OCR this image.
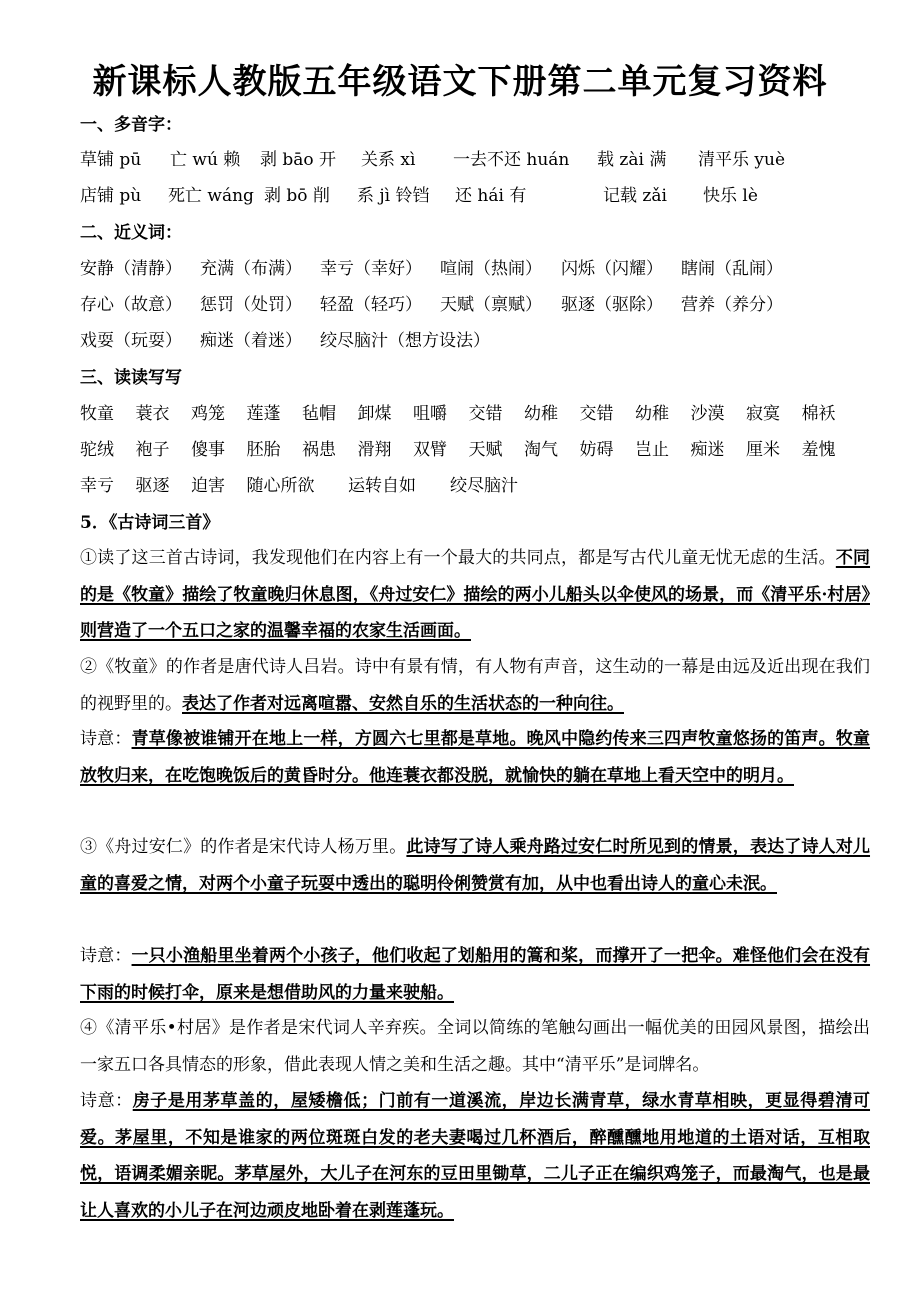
新课标人教版五年级语文下册第二单元复习资料
一、多音字：
草铺 pū 亡 wú 赖 剥 bāo 开 关系 xì 一去不还 huán 载 zài 满 清平乐 yuè
店铺 pù 死亡 wáng 剥 bō 削 系 jì 铃铛 还 hái 有	记载 zǎi 快乐 lè
二、近义词：
安静（清静） 充满（布满） 幸亏（幸好） 喧闹（热闹） 闪烁（闪耀） 瞎闹（乱闹）
存心（故意） 惩罚（处罚） 轻盈（轻巧） 天赋（禀赋） 驱逐（驱除） 营养（养分）
戏耍（玩耍） 痴迷（着迷） 绞尽脑汁（想方设法）
三、读读写写
牧童 蓑衣 鸡笼 莲蓬 毡帽 卸煤 咀嚼 交错 幼稚 交错 幼稚 沙漠 寂寞 棉袄
驼绒 袍子 傻事 胚胎 祸患 滑翔 双臂 天赋 淘气 妨碍 岂止 痴迷 厘米 羞愧
幸亏 驱逐 迫害 随心所欲 运转自如 绞尽脑汁
5．《古诗词三首》
①读了这三首古诗词，我发现他们在内容上有一个最大的共同点，都是写古代儿童无忧无虑的生活。不同的是《牧童》描绘了牧童晚归休息图，《舟过安仁》描绘的两小儿船头以伞使风的场景，而《清平乐·村居》则营造了一个五口之家的温馨幸福的农家生活画面。
②《牧童》的作者是唐代诗人吕岩。诗中有景有情，有人物有声音，这生动的一幕是由远及近出现在我们的视野里的。表达了作者对远离喧嚣、安然自乐的生活状态的一种向往。
诗意：青草像被谁铺开在地上一样，方圆六七里都是草地。晚风中隐约传来三四声牧童悠扬的笛声。牧童放牧归来，在吃饱晚饭后的黄昏时分。他连蓑衣都没脱，就愉快的躺在草地上看天空中的明月。
③《舟过安仁》的作者是宋代诗人杨万里。此诗写了诗人乘舟路过安仁时所见到的情景，表达了诗人对儿童的喜爱之情，对两个小童子玩耍中透出的聪明伶俐赞赏有加，从中也看出诗人的童心未泯。
诗意：一只小渔船里坐着两个小孩子，他们收起了划船用的篙和桨，而撑开了一把伞。难怪他们会在没有下雨的时候打伞，原来是想借助风的力量来驶船。
④《清平乐•村居》是作者是宋代词人辛弃疾。全词以简练的笔触勾画出一幅优美的田园风景图，描绘出一家五口各具情态的形象，借此表现人情之美和生活之趣。其中“清平乐”是词牌名。
诗意：房子是用茅草盖的，屋矮檐低；门前有一道溪流，岸边长满青草，绿水青草相映，更显得碧清可爱。茅屋里，不知是谁家的两位斑斑白发的老夫妻喝过几杯酒后，醉醺醺地用地道的土语对话，互相取悦，语调柔媚亲昵。茅草屋外，大儿子在河东的豆田里锄草，二儿子正在编织鸡笼子，而最淘气，也是最让人喜欢的小儿子在河边顽皮地卧着在剥莲蓬玩。
